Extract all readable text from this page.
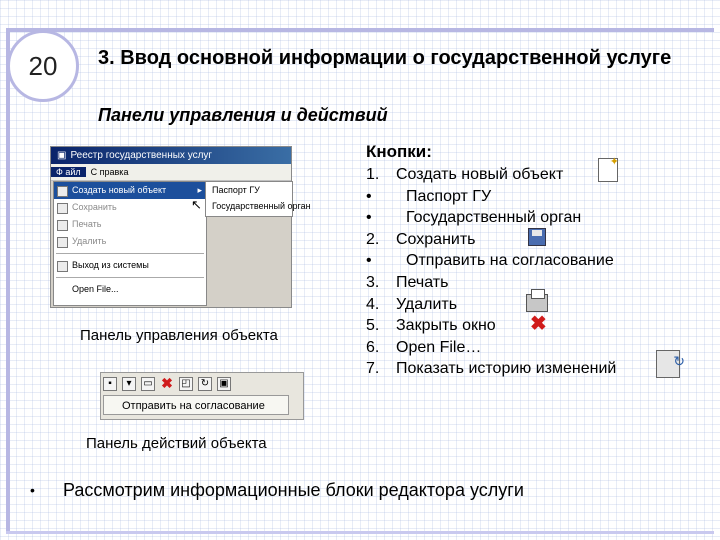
20	3. Ввод основной информации о государственной услуге
Панели управления и действий
▣ Реестр государственных услуг
Ф айл С правка
Создать новый объект	▸
Сохранить
Печать
Удалить
Выход из системы
Open File...
Паспорт ГУ
Государственный орган
↖
Панель управления объекта
▪	▾	▭ ✖ ◰ ↻ ▣
Отправить на согласование
Панель действий объекта
Кнопки:
1. Создать новый объект
• Паспорт ГУ
• Государственный орган
2. Сохранить
• Отправить на согласование
3. Печать
4. Удалить
5. Закрыть окно
6. Open File…
7. Показать историю изменений
✦
✖
↻
• Рассмотрим информационные блоки редактора услуги
